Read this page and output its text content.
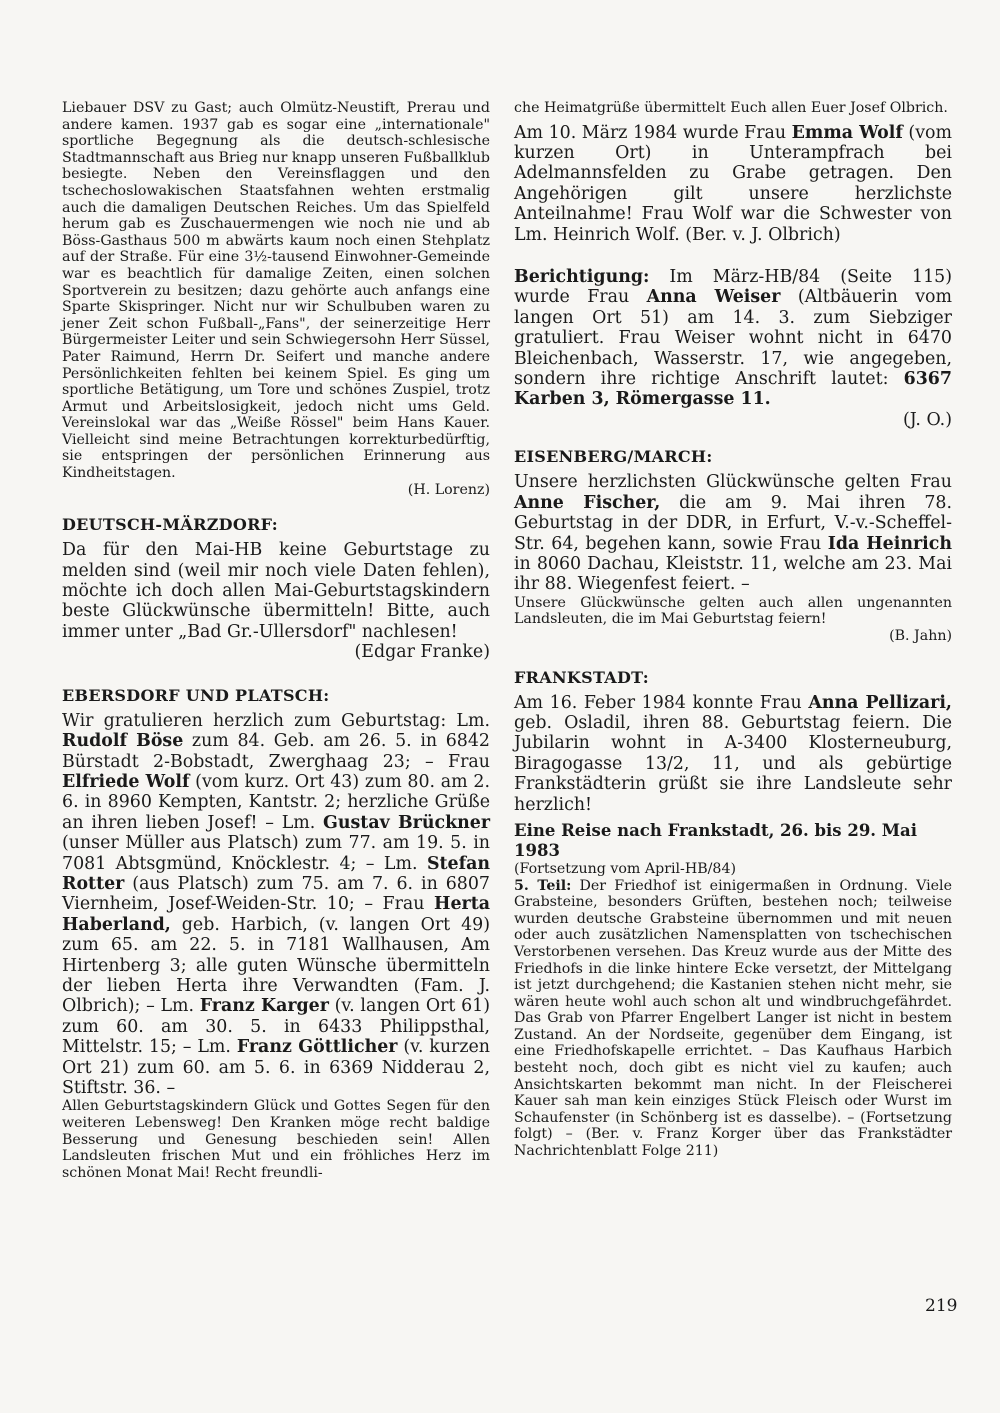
Liebauer DSV zu Gast; auch Olmütz-Neustift, Prerau und andere kamen. 1937 gab es sogar eine „internationale" sportliche Begegnung als die deutsch-schlesische Stadtmannschaft aus Brieg nur knapp unseren Fußballklub besiegte. Neben den Vereinsflaggen und den tschechoslowakischen Staatsfahnen wehten erstmalig auch die damaligen Deutschen Reiches. Um das Spielfeld herum gab es Zuschauermengen wie noch nie und ab Böss-Gasthaus 500 m abwärts kaum noch einen Stehplatz auf der Straße. Für eine 3½-tausend Einwohner-Gemeinde war es beachtlich für damalige Zeiten, einen solchen Sportverein zu besitzen; dazu gehörte auch anfangs eine Sparte Skispringer. Nicht nur wir Schulbuben waren zu jener Zeit schon Fußball-„Fans", der seinerzeitige Herr Bürgermeister Leiter und sein Schwiegersohn Herr Süssel, Pater Raimund, Herrn Dr. Seifert und manche andere Persönlichkeiten fehlten bei keinem Spiel. Es ging um sportliche Betätigung, um Tore und schönes Zuspiel, trotz Armut und Arbeitslosigkeit, jedoch nicht ums Geld. Vereinslokal war das „Weiße Rössel" beim Hans Kauer. Vielleicht sind meine Betrachtungen korrekturbedürftig, sie entspringen der persönlichen Erinnerung aus Kindheitstagen.

(H. Lorenz)

DEUTSCH-MÄRZDORF:

Da für den Mai-HB keine Geburtstage zu melden sind (weil mir noch viele Daten fehlen), möchte ich doch allen Mai-Geburtstagskindern beste Glückwünsche übermitteln! Bitte, auch immer unter „Bad Gr.-Ullersdorf" nachlesen!

(Edgar Franke)

EBERSDORF UND PLATSCH:

Wir gratulieren herzlich zum Geburtstag: Lm. Rudolf Böse zum 84. Geb. am 26. 5. in 6842 Bürstadt 2-Bobstadt, Zwerghaag 23; – Frau Elfriede Wolf (vom kurz. Ort 43) zum 80. am 2. 6. in 8960 Kempten, Kantstr. 2; herzliche Grüße an ihren lieben Josef! – Lm. Gustav Brückner (unser Müller aus Platsch) zum 77. am 19. 5. in 7081 Abtsgmünd, Knöcklestr. 4; – Lm. Stefan Rotter (aus Platsch) zum 75. am 7. 6. in 6807 Viernheim, Josef-Weiden-Str. 10; – Frau Herta Haberland, geb. Harbich, (v. langen Ort 49) zum 65. am 22. 5. in 7181 Wallhausen, Am Hirtenberg 3; alle guten Wünsche übermitteln der lieben Herta ihre Verwandten (Fam. J. Olbrich); – Lm. Franz Karger (v. langen Ort 61) zum 60. am 30. 5. in 6433 Philippsthal, Mittelstr. 15; – Lm. Franz Göttlicher (v. kurzen Ort 21) zum 60. am 5. 6. in 6369 Nidderau 2, Stiftstr. 36. –

Allen Geburtstagskindern Glück und Gottes Segen für den weiteren Lebensweg! Den Kranken möge recht baldige Besserung und Genesung beschieden sein! Allen Landsleuten frischen Mut und ein fröhliches Herz im schönen Monat Mai! Recht freundli-

che Heimatgrüße übermittelt Euch allen Euer Josef Olbrich.

Am 10. März 1984 wurde Frau Emma Wolf (vom kurzen Ort) in Unterampfrach bei Adelmannsfelden zu Grabe getragen. Den Angehörigen gilt unsere herzlichste Anteilnahme! Frau Wolf war die Schwester von Lm. Heinrich Wolf. (Ber. v. J. Olbrich)

Berichtigung: Im März-HB/84 (Seite 115) wurde Frau Anna Weiser (Altbäuerin vom langen Ort 51) am 14. 3. zum Siebziger gratuliert. Frau Weiser wohnt nicht in 6470 Bleichenbach, Wasserstr. 17, wie angegeben, sondern ihre richtige Anschrift lautet: 6367 Karben 3, Römergasse 11.

(J. O.)

EISENBERG/MARCH:

Unsere herzlichsten Glückwünsche gelten Frau Anne Fischer, die am 9. Mai ihren 78. Geburtstag in der DDR, in Erfurt, V.-v.-Scheffel-Str. 64, begehen kann, sowie Frau Ida Heinrich in 8060 Dachau, Kleiststr. 11, welche am 23. Mai ihr 88. Wiegenfest feiert. –

Unsere Glückwünsche gelten auch allen ungenannten Landsleuten, die im Mai Geburtstag feiern!

(B. Jahn)

FRANKSTADT:

Am 16. Feber 1984 konnte Frau Anna Pellizari, geb. Osladil, ihren 88. Geburtstag feiern. Die Jubilarin wohnt in A-3400 Klosterneuburg, Biragogasse 13/2, 11, und als gebürtige Frankstädterin grüßt sie ihre Landsleute sehr herzlich!

Eine Reise nach Frankstadt, 26. bis 29. Mai 1983

(Fortsetzung vom April-HB/84)

5. Teil: Der Friedhof ist einigermaßen in Ordnung. Viele Grabsteine, besonders Grüften, bestehen noch; teilweise wurden deutsche Grabsteine übernommen und mit neuen oder auch zusätzlichen Namensplatten von tschechischen Verstorbenen versehen. Das Kreuz wurde aus der Mitte des Friedhofs in die linke hintere Ecke versetzt, der Mittelgang ist jetzt durchgehend; die Kastanien stehen nicht mehr, sie wären heute wohl auch schon alt und windbruchgefährdet. Das Grab von Pfarrer Engelbert Langer ist nicht in bestem Zustand. An der Nordseite, gegenüber dem Eingang, ist eine Friedhofskapelle errichtet. – Das Kaufhaus Harbich besteht noch, doch gibt es nicht viel zu kaufen; auch Ansichtskarten bekommt man nicht. In der Fleischerei Kauer sah man kein einziges Stück Fleisch oder Wurst im Schaufenster (in Schönberg ist es dasselbe). – (Fortsetzung folgt) – (Ber. v. Franz Korger über das Frankstädter Nachrichtenblatt Folge 211)

219
